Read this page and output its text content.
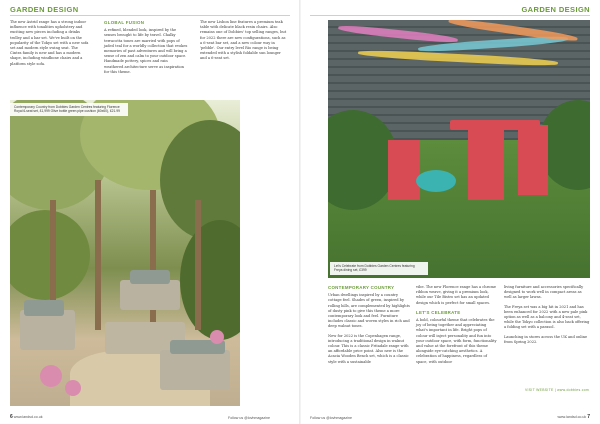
GARDEN DESIGN

The new Astrid range has a strong indoor influence with tonalities upholstery and exciting new pieces including a drinks trolley and a bar set. We've built on the popularity of the Tokyo set with a new sofa set and modern style swing seat. The Cintra family is new and has a modern shape, including windbone chairs and a platform style sofa.

GLOBAL FUSION

A refined, blended look, inspired by the senses brought to life by travel. Chalky terracotta tones are married with pops of jaded teal for a worldly collection that evokes memories of past adventures and will bring a sense of zen and calm to your outdoor space. Handmade pottery, spices and rain weathered architecture serve as inspiration for this theme.

The new Lisbon line features a premium teak table with delicate black resin chairs. Also remains one of Dobbies' top selling ranges, but for 2022 there are new configurations, such as a 6-seat bar set, and a new colour way in 'pebble'. Our entry level Rio range is being extended with a stylish foldable sun lounger and a 6-seat set.

Contemporary Country from Dobbies Garden Centres featuring Florence Royal 6-seat set, £1,999 Olive bottle green pipe cushion (60x60), £21.99
6 www.landsd.co.uk	Follow us @lovhmagazine
GARDEN DESIGN
Let's Celebrate from Dobbies Garden Centres featuring Freya dining set, £399
CONTEMPORARY COUNTRY

Urban dwellings inspired by a country cottage feel. Shades of green, inspired by rolling hills, are complemented by highlights of dusty pink to give this theme a more contemporary look and feel. Furniture includes classic and woven styles in rich and deep walnut tones.

New for 2022 is the Copenhagen range, introducing a traditional design in walnut colour. This is a classic Fritadale range with an affordable price point. Also new is the Acacia Wooden Bench set, which is a classic style with a sustainable

vibe. The new Florence range has a chrome ribbon weave, giving it a premium look, while our Tile Bistro set has an updated design which is perfect for small spaces.

LET'S CELEBRATE

A bold, colourful theme that celebrates the joy of being together and appreciating what's important in life. Bright pops of colour will inject personality and fun into your outdoor space, with form, functionality and value at the forefront of this theme alongside eye-catching aesthetics. A celebration of happiness, regardless of space, with outdoor

living furniture and accessories specifically designed to work well in compact areas as well as larger lawns.

The Freya set was a big hit in 2021 and has been enhanced for 2022 with a new pale pink option as well as a balcony and 4-seat set, while the Tokyo collection is also back offering a folding set with a parasol.

Launching in stores across the UK and online from Spring 2022.

VISIT WEBSITE | www.dobbies.com
Follow us @lovhmagazine	www.landsd.co.uk 7
